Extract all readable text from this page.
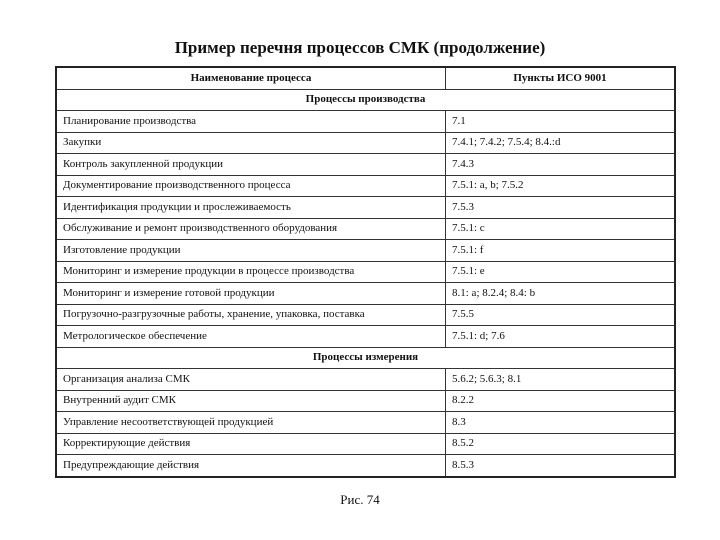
Пример перечня процессов СМК (продолжение)
Наименование процесса	Пункты ИСО 9001
Процессы производства	
Планирование производства	7.1
Закупки	7.4.1; 7.4.2; 7.5.4; 8.4.:d
Контроль закупленной продукции	7.4.3
Документирование производственного процесса	7.5.1: a, b; 7.5.2
Идентификация продукции и прослеживаемость	7.5.3
Обслуживание и ремонт производственного оборудования	7.5.1: c
Изготовление продукции	7.5.1: f
Мониторинг и измерение продукции в процессе производства	7.5.1: e
Мониторинг и измерение готовой продукции	8.1: a; 8.2.4; 8.4: b
Погрузочно-разгрузочные работы, хранение, упаковка, поставка	7.5.5
Метрологическое обеспечение	7.5.1: d; 7.6
Процессы измерения	
Организация анализа СМК	5.6.2; 5.6.3; 8.1
Внутренний аудит СМК	8.2.2
Управление несоответствующей продукцией	8.3
Корректирующие действия	8.5.2
Предупреждающие действия	8.5.3
Рис. 74
